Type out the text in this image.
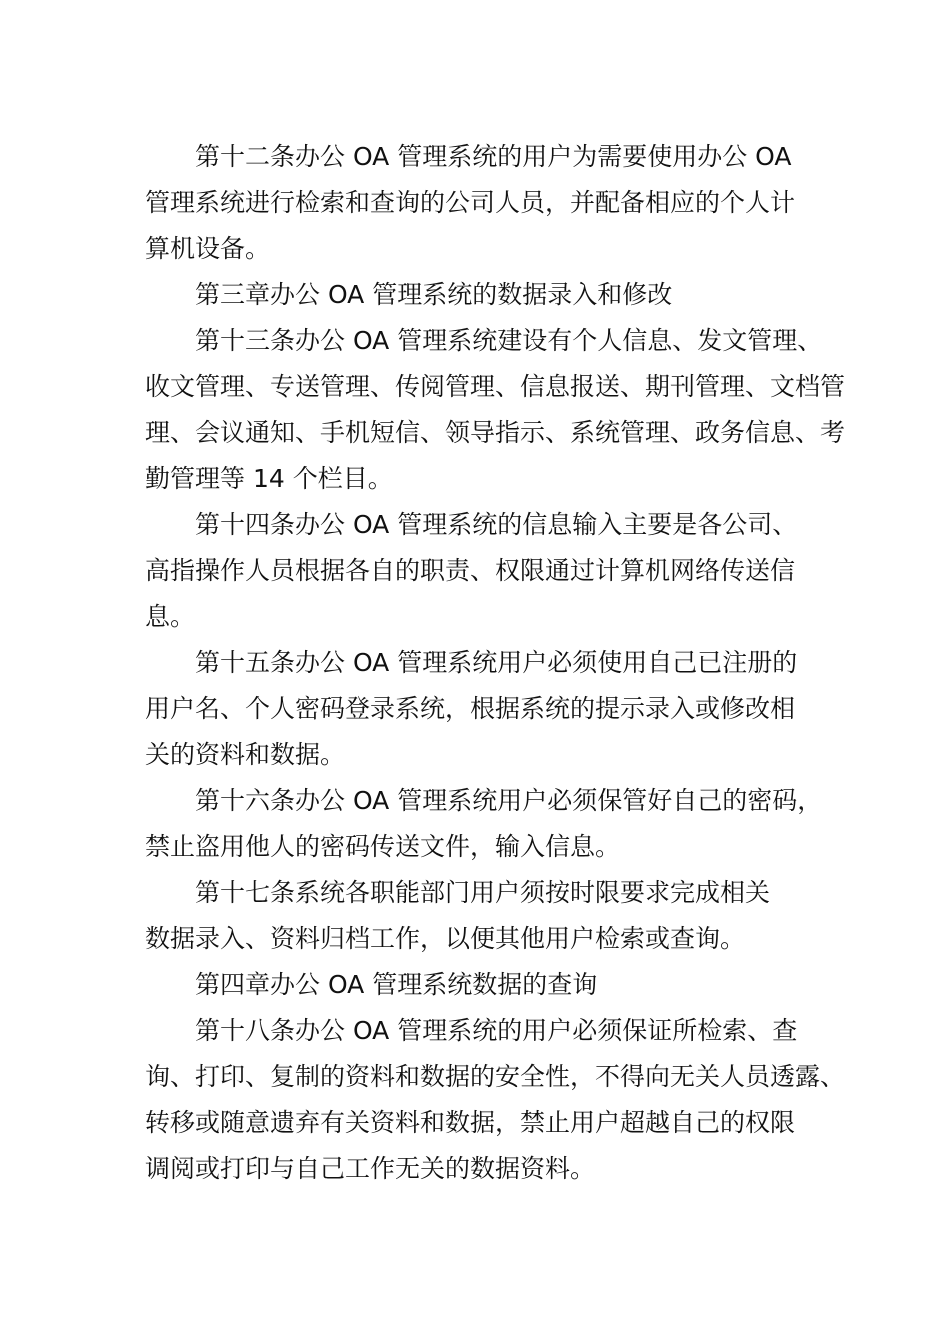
第十二条办公 OA 管理系统的用户为需要使用办公 OA
管理系统进行检索和查询的公司人员，并配备相应的个人计
算机设备。

第三章办公 OA 管理系统的数据录入和修改

第十三条办公 OA 管理系统建设有个人信息、发文管理、
收文管理、专送管理、传阅管理、信息报送、期刊管理、文档管
理、会议通知、手机短信、领导指示、系统管理、政务信息、考
勤管理等 14 个栏目。

第十四条办公 OA 管理系统的信息输入主要是各公司、
高指操作人员根据各自的职责、权限通过计算机网络传送信
息。

第十五条办公 OA 管理系统用户必须使用自己已注册的
用户名、个人密码登录系统，根据系统的提示录入或修改相
关的资料和数据。

第十六条办公 OA 管理系统用户必须保管好自己的密码，
禁止盗用他人的密码传送文件，输入信息。

第十七条系统各职能部门用户须按时限要求完成相关
数据录入、资料归档工作，以便其他用户检索或查询。

第四章办公 OA 管理系统数据的查询

第十八条办公 OA 管理系统的用户必须保证所检索、查
询、打印、复制的资料和数据的安全性，不得向无关人员透露、
转移或随意遗弃有关资料和数据，禁止用户超越自己的权限
调阅或打印与自己工作无关的数据资料。
